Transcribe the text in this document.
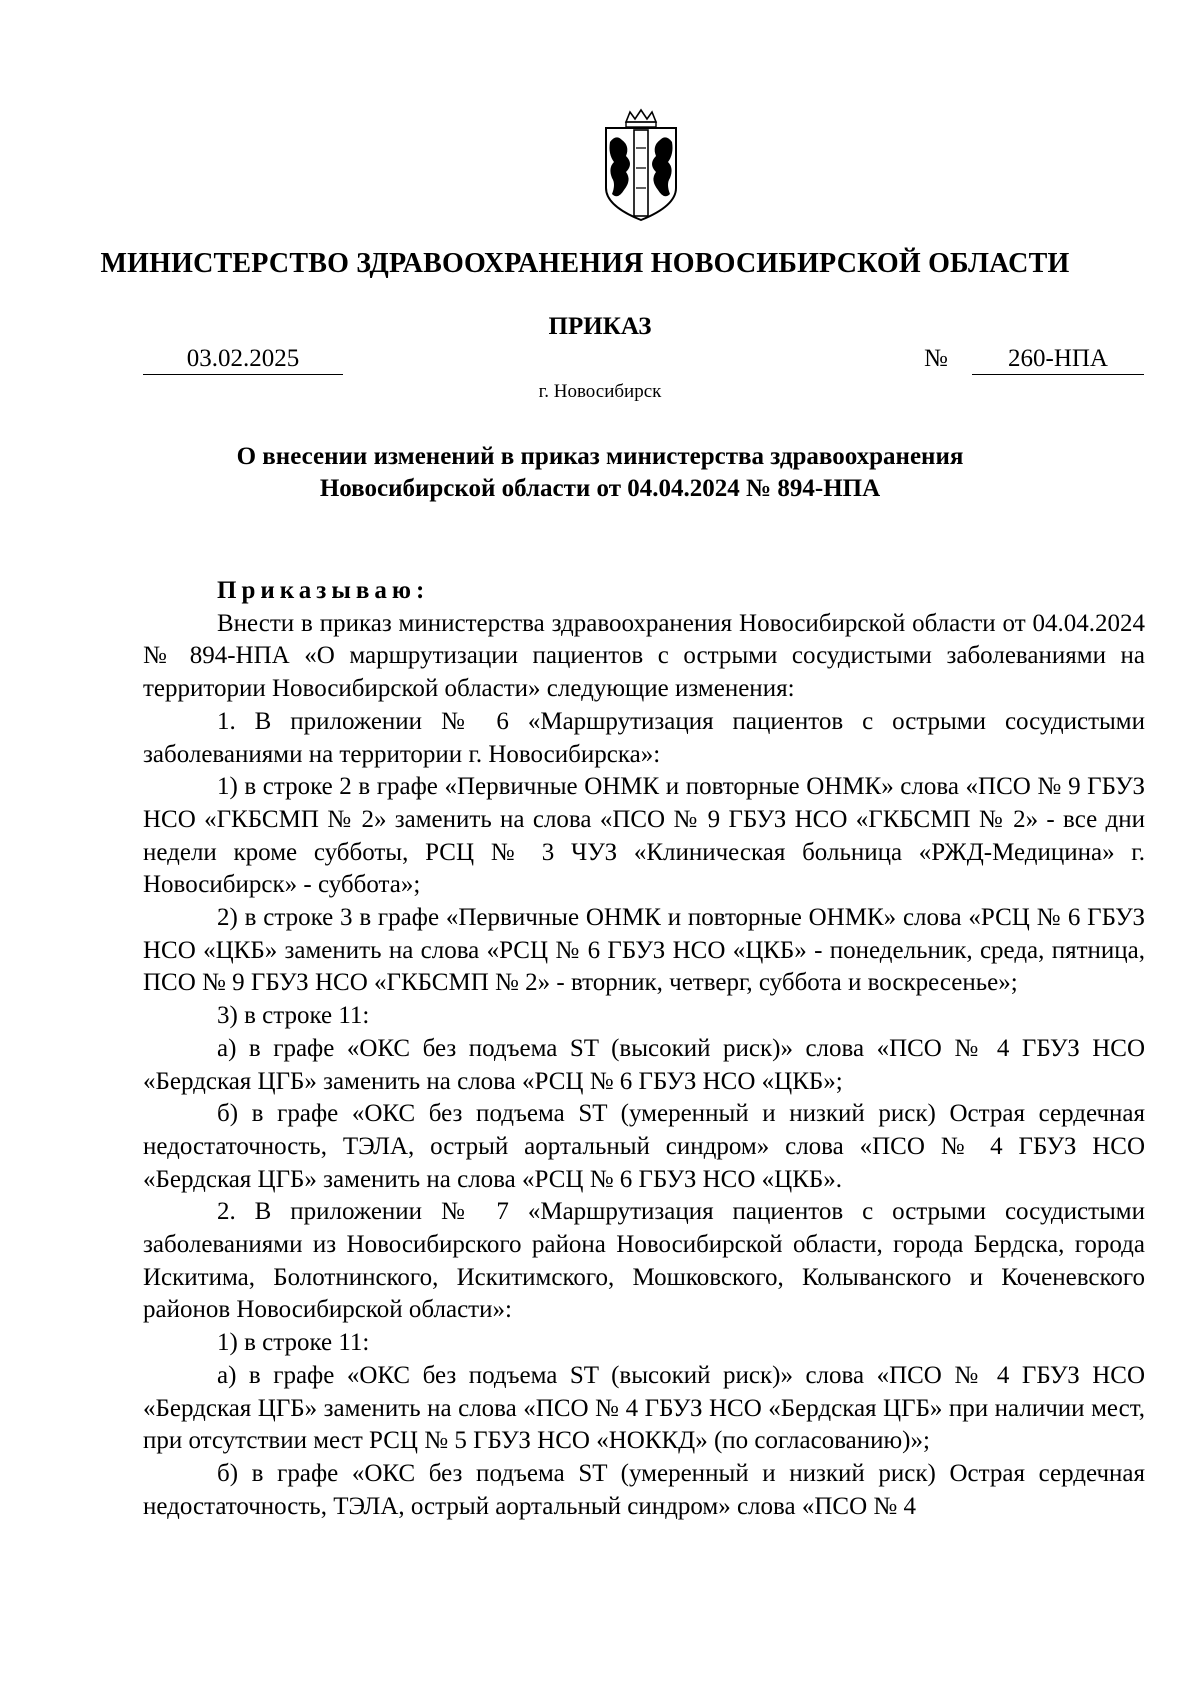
МИНИСТЕРСТВО ЗДРАВООХРАНЕНИЯ НОВОСИБИРСКОЙ ОБЛАСТИ
ПРИКАЗ
03.02.2025	№	260-НПА
г. Новосибирск
О внесении изменений в приказ министерства здравоохранения
Новосибирской области от 04.04.2024 № 894-НПА

Приказываю:

Внести в приказ министерства здравоохранения Новосибирской области от 04.04.2024 № 894-НПА «О маршрутизации пациентов с острыми сосудистыми заболеваниями на территории Новосибирской области» следующие изменения:

1. В приложении № 6 «Маршрутизация пациентов с острыми сосудистыми заболеваниями на территории г. Новосибирска»:

1) в строке 2 в графе «Первичные ОНМК и повторные ОНМК» слова «ПСО № 9 ГБУЗ НСО «ГКБСМП № 2» заменить на слова «ПСО № 9 ГБУЗ НСО «ГКБСМП № 2» - все дни недели кроме субботы, РСЦ № 3 ЧУЗ «Клиническая больница «РЖД-Медицина» г. Новосибирск» - суббота»;

2) в строке 3 в графе «Первичные ОНМК и повторные ОНМК» слова «РСЦ № 6 ГБУЗ НСО «ЦКБ» заменить на слова «РСЦ № 6 ГБУЗ НСО «ЦКБ» - понедельник, среда, пятница, ПСО № 9 ГБУЗ НСО «ГКБСМП № 2» - вторник, четверг, суббота и воскресенье»;

3) в строке 11:

а) в графе «ОКС без подъема ST (высокий риск)» слова «ПСО № 4 ГБУЗ НСО «Бердская ЦГБ» заменить на слова «РСЦ № 6 ГБУЗ НСО «ЦКБ»;

б) в графе «ОКС без подъема ST (умеренный и низкий риск) Острая сердечная недостаточность, ТЭЛА, острый аортальный синдром» слова «ПСО № 4 ГБУЗ НСО «Бердская ЦГБ» заменить на слова «РСЦ № 6 ГБУЗ НСО «ЦКБ».

2. В приложении № 7 «Маршрутизация пациентов с острыми сосудистыми заболеваниями из Новосибирского района Новосибирской области, города Бердска, города Искитима, Болотнинского, Искитимского, Мошковского, Колыванского и Коченевского районов Новосибирской области»:

1) в строке 11:

а) в графе «ОКС без подъема ST (высокий риск)» слова «ПСО № 4 ГБУЗ НСО «Бердская ЦГБ» заменить на слова «ПСО № 4 ГБУЗ НСО «Бердская ЦГБ» при наличии мест, при отсутствии мест РСЦ № 5 ГБУЗ НСО «НОККД» (по согласованию)»;

б) в графе «ОКС без подъема ST (умеренный и низкий риск) Острая сердечная недостаточность, ТЭЛА, острый аортальный синдром» слова «ПСО № 4
